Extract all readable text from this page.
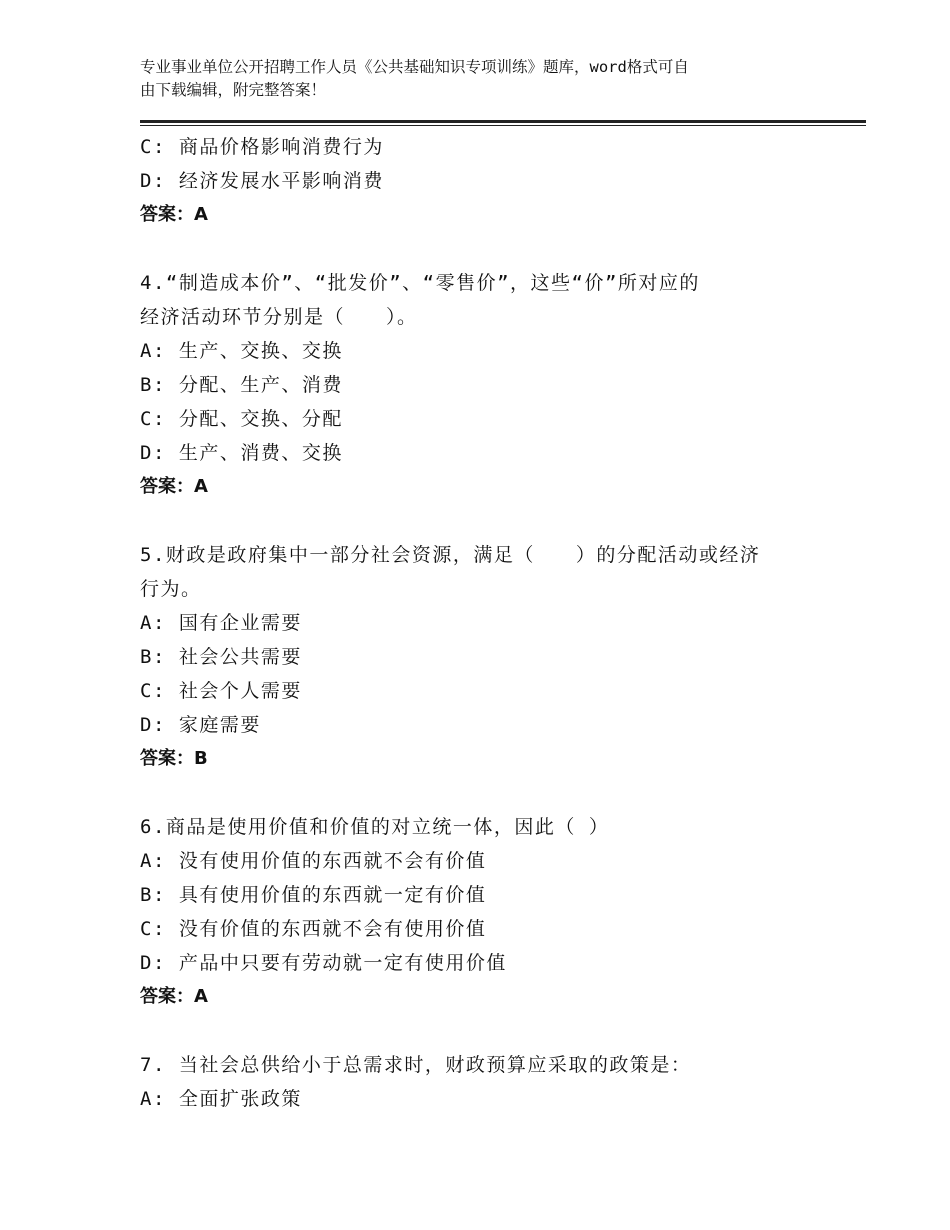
专业事业单位公开招聘工作人员《公共基础知识专项训练》题库，word格式可自
由下载编辑，附完整答案！
C: 商品价格影响消费行为
D: 经济发展水平影响消费
答案：A
4.“制造成本价”、“批发价”、“零售价”，这些“价”所对应的
经济活动环节分别是（　　）。
A: 生产、交换、交换
B: 分配、生产、消费
C: 分配、交换、分配
D: 生产、消费、交换
答案：A
5.财政是政府集中一部分社会资源，满足（　　）的分配活动或经济
行为。
A: 国有企业需要
B: 社会公共需要
C: 社会个人需要
D: 家庭需要
答案：B
6.商品是使用价值和价值的对立统一体，因此（ ）
A: 没有使用价值的东西就不会有价值
B: 具有使用价值的东西就一定有价值
C: 没有价值的东西就不会有使用价值
D: 产品中只要有劳动就一定有使用价值
答案：A
7. 当社会总供给小于总需求时，财政预算应采取的政策是：
A: 全面扩张政策
